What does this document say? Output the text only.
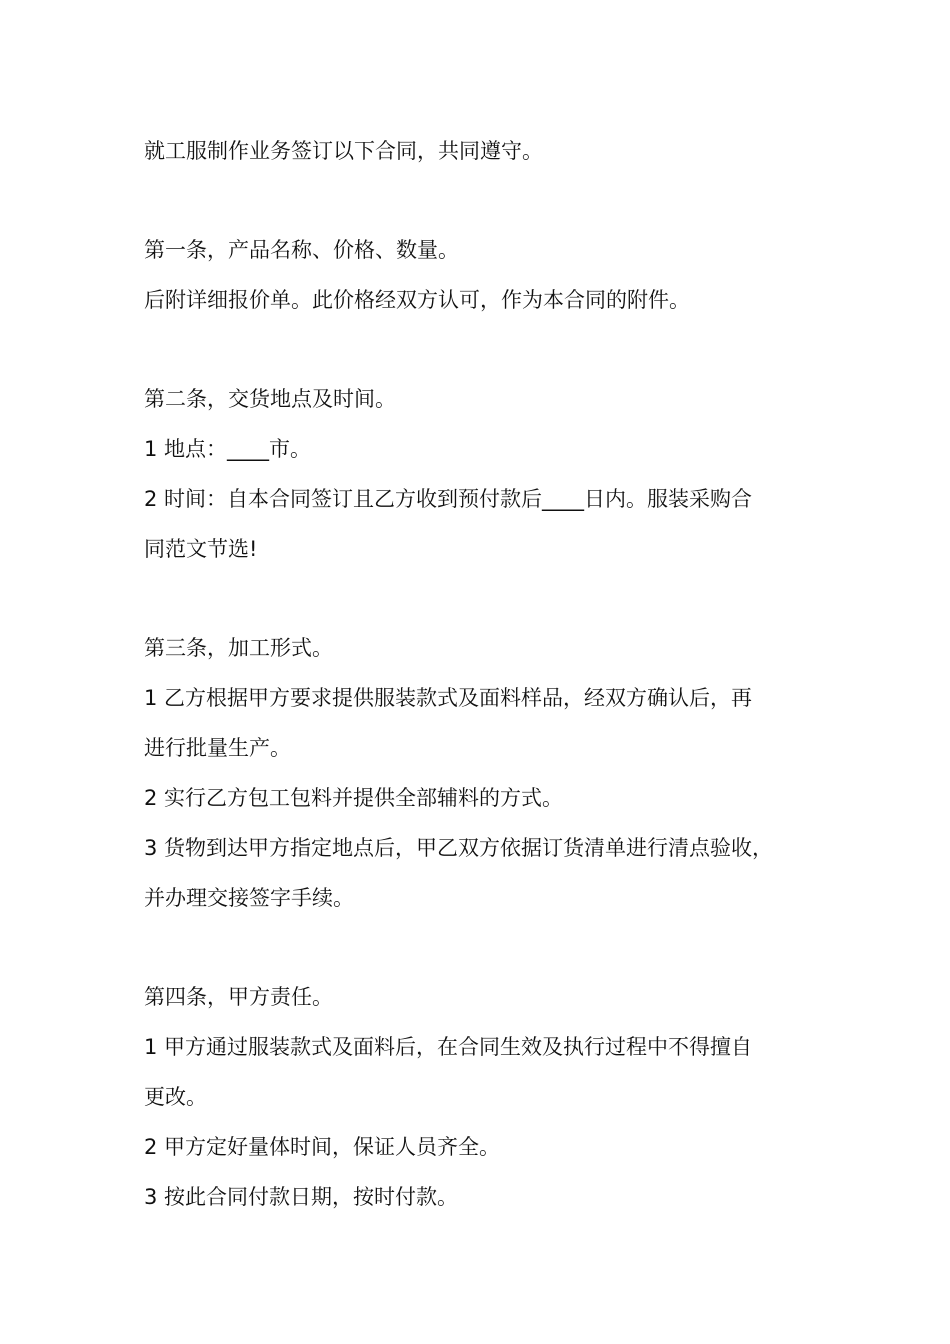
就工服制作业务签订以下合同，共同遵守。
第一条，产品名称、价格、数量。
后附详细报价单。此价格经双方认可，作为本合同的附件。
第二条，交货地点及时间。
1 地点：____市。
2 时间：自本合同签订且乙方收到预付款后____日内。服装采购合
同范文节选!
第三条，加工形式。
1 乙方根据甲方要求提供服装款式及面料样品，经双方确认后，再
进行批量生产。
2 实行乙方包工包料并提供全部辅料的方式。
3 货物到达甲方指定地点后，甲乙双方依据订货清单进行清点验收，
并办理交接签字手续。
第四条，甲方责任。
1 甲方通过服装款式及面料后，在合同生效及执行过程中不得擅自
更改。
2 甲方定好量体时间，保证人员齐全。
3 按此合同付款日期，按时付款。
